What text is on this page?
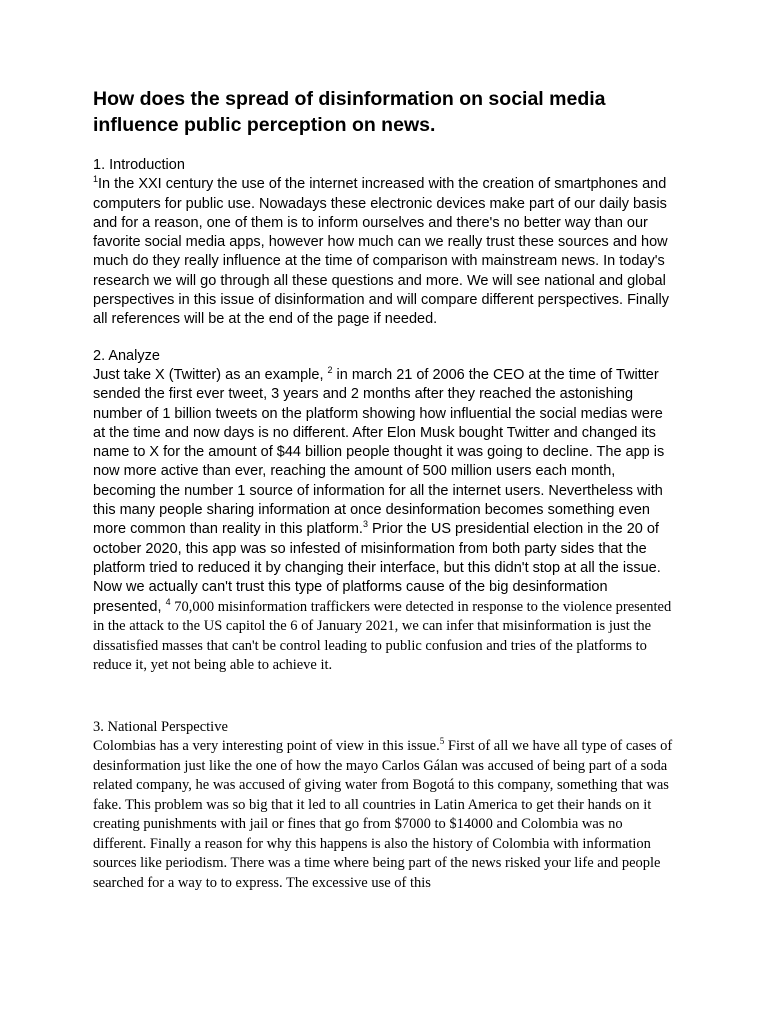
How does the spread of disinformation on social media influence public perception on news.

1. Introduction

$^1$In the XXI century the use of the internet increased with the creation of smartphones and computers for public use. Nowadays these electronic devices make part of our daily basis and for a reason, one of them is to inform ourselves and there's no better way than our favorite social media apps, however how much can we really trust these sources and how much do they really influence at the time of comparison with mainstream news. In today's research we will go through all these questions and more. We will see national and global perspectives in this issue of disinformation and will compare different perspectives. Finally all references will be at the end of the page if needed.

2. Analyze

Just take X (Twitter) as an example, $^2$ in march 21 of 2006 the CEO at the time of Twitter sended the first ever tweet, 3 years and 2 months after they reached the astonishing number of 1 billion tweets on the platform showing how influential the social medias were at the time and now days is no different. After Elon Musk bought Twitter and changed its name to X for the amount of $44 billion people thought it was going to decline. The app is now more active than ever, reaching the amount of 500 million users each month, becoming the number 1 source of information for all the internet users. Nevertheless with this many people sharing information at once desinformation becomes something even more common than reality in this platform.$^3$ Prior the US presidential election in the 20 of october 2020, this app was so infested of misinformation from both party sides that the platform tried to reduced it by changing their interface, but this didn't stop at all the issue. Now we actually can't trust this type of platforms cause of the big desinformation presented, $^4$ 70,000 misinformation traffickers were detected in response to the violence presented in the attack to the US capitol the 6 of January 2021, we can infer that misinformation is just the dissatisfied masses that can't be control leading to public confusion and tries of the platforms to reduce it, yet not being able to achieve it.

3. National Perspective

Colombias has a very interesting point of view in this issue.$^5$ First of all we have all type of cases of desinformation just like the one of how the mayo Carlos Gálan was accused of being part of a soda related company, he was accused of giving water from Bogotá to this company, something that was fake. This problem was so big that it led to all countries in Latin America to get their hands on it creating punishments with jail or fines that go from $7000 to $14000 and Colombia was no different. Finally a reason for why this happens is also the history of Colombia with information sources like periodism. There was a time where being part of the news risked your life and people searched for a way to to express. The excessive use of this
